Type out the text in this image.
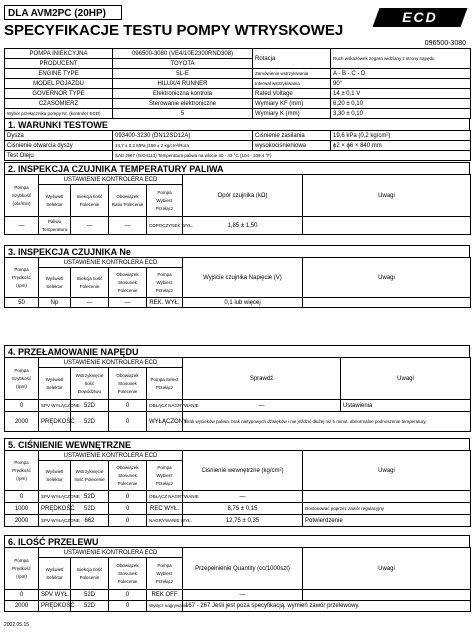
DLA AVM2PC (20HP)	ECD
SPECYFIKACJE TESTU POMPY WTRYSKOWEJ
096500-3080
POMPA INIEKCYJNA	096500-3080 (VE4/10E2300RND308)	Rotacja	Ruch wskazówek zegara widziany z strony napędu
PRODUCENT	TOYOTA		
ENGINE TYPE	5L-E	Zamówienie wstrzykiwania	A - B - C - D
MODEL POJAZDU	HILUX/4 RUNNER	Interwał wstrzykiwania	90°
GOVERNOR TYPE	Elektroniczna kontrola	Rated Voltage	14 ± 0,1 V
CZASOMIERZ	Sterowanie elektroniczne	Wymiary KF (mm)	6,20 ± 0,10
Wybór przełącznika pompy Nr. (kontroler ECD)	5	Wymiary K (mm)	3,30 ± 0,10
1. WARUNKI TESTOWE
Dysza	093400-3230 (DN12SD12A)	Ciśnienie zasilania	19,6 kPa (0,2 kg/cm²)
Ciśnienie otwarcia dyszy	14,7 ± 0,2 MPa (150 ± 2 kg/cm²/Rura	wysokociśnieniowa	ϕ2 × ϕ6 × 840 mm
Test Oleju	SAE J967 (ISO4113) Temperatura paliwa na wlocie 40 - 43 °C (104 - 109.4 °F)		
2. INSPEKCJA CZUJNIKA TEMPERATURY PALIWA
Pompa Szybkość (obr/min)	USTAWIENIE KONTROLERA ECD				Opór czujnika (kΩ)	Uwagi
	Wyświetl Selektor	Iniekcja Ilość Polecenie	Obowiązek Ratio Polecenie	Pompa Wybierz Przełącz		
—	Paliwo Temperatura	—	—	ODPOCZYNEK WYŁ.	1,85 ± 1,50	
3. INSPEKCJA CZUJNIKA Ne
Pompa Prędkość (rpm)	USTAWIENIE KONTROLERA ECD				Wyjście czujnika Napięcie (V)	Uwagi
	Wyświetl Selektor	Iniekcja Ilość Polecenie	Obowiązek Stosunek Polecenie	Pompa Wybierz Przełącz		
50	Np	—	—	REK. WYŁ.	0,1 lub więcej	
4. PRZEŁAMOWANIE NAPĘDU
Pompa Szybkość (rpm)	USTAWIENIE KONTROLERA ECD				Sprawdź	Uwagi
	Wyświetl Selektor	Wstrzyknięcie Ilość Dowództwo	Obowiązek Stosunek Polecenie	Pompa Select Przełącz		
0	SPV WYŁĄCZONE	52D	0	OBŁĄCZ NAGRYWANIE	—	Ustawienia
2000	PRĘDKOŚĆ	52D	0	WYŁĄCZONY	Brak wycieków paliwa, brak nietypowych dźwięków i nie jeździć dłużej niż 5 minut. abnormalne podnoszenie temperatury.	
5. CIŚNIENIE WEWNĘTRZNE
Pompa Prędkość (rpm)	USTAWIENIE KONTROLERA ECD				Ciśnienie wewnętrzne (kg/cm²)	Uwagi
	Wyświetl Selektor	Wstrzyknięcie Ilość Polecenie	Obowiązek Stosunek Polecenie	Pompa Wybierz Przełącz		
0	SPV WYŁĄCZONE	52D	0	OBŁĄCZ NAGRYWANIE	—	
1000	PRĘDKOŚĆ	52D	0	REC WYŁ.	8,75 ± 0,15	Dostosować poprzez zawór regulacyjny
2000	SPV WYŁĄCZONE	662	0	NAGRYWANIE WYŁ.	12,75 ± 0,35	Potwierdzenie
6. ILOŚĆ PRZELEWU
Pompa Prędkość (rpm)	USTAWIENIE KONTROLERA ECD				Przepełnienie Quantity (cc/1000szt)	Uwagi
	Wyświetl Selektor	Iniekcja Ilość Polecenie	Obowiązek Stosunek Polecenie	Pompa Wybierz Przełącz		
0	SPV WYŁ.	52D	0	REK OFF	—	
2000	PRĘDKOŚĆ	52D	0	Wyłącz nagrywanie	167 - 267 Jeśli jest poza specyfikacją, wymień zawór przelewowy.	
2002.05.15
